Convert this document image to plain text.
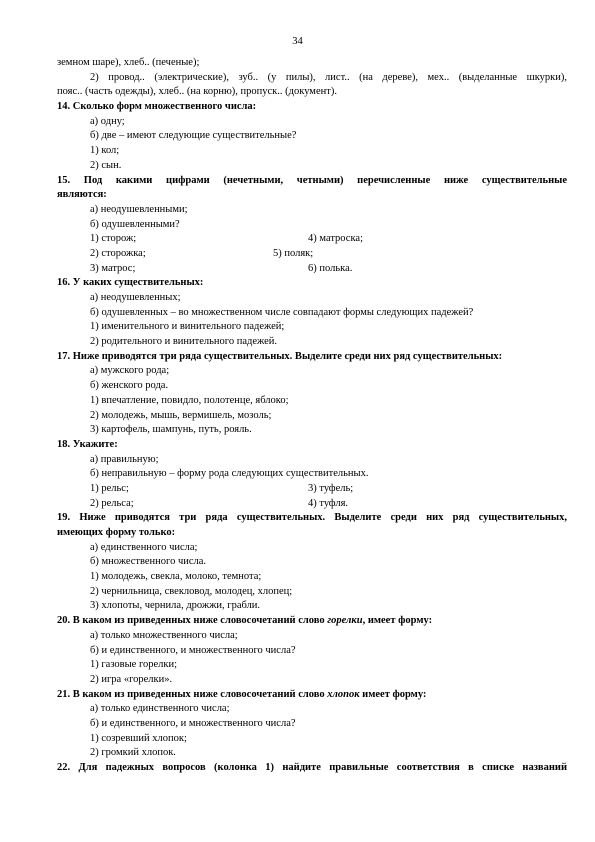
34
земном шаре), хлеб.. (печеные);
2) провод.. (электрические), зуб.. (у пилы), лист.. (на дереве), мех.. (выделанные шкурки),
пояс.. (часть одежды), хлеб.. (на корню), пропуск.. (документ).
14. Сколько форм множественного числа:
а) одну;
б) две – имеют следующие существительные?
1) кол;
2) сын.
15. Под какими цифрами (нечетными, четными) перечисленные ниже существительные
являются:
а) неодушевленными;
б) одушевленными?
1) сторож;	4) матроска;
2) сторожка;	5) поляк;
3) матрос;	6) полька.
16. У каких существительных:
а) неодушевленных;
б) одушевленных – во множественном числе совпадают формы следующих падежей?
1) именительного и винительного падежей;
2) родительного и винительного падежей.
17. Ниже приводятся три ряда существительных. Выделите среди них ряд существительных:
а) мужского рода;
б) женского рода.
1) впечатление, повидло, полотенце, яблоко;
2) молодежь, мышь, вермишель, мозоль;
3) картофель, шампунь, путь, рояль.
18. Укажите:
а) правильную;
б) неправильную – форму рода следующих существительных.
1) рельс;	3) туфель;
2) рельса;	4) туфля.
19. Ниже приводятся три ряда существительных. Выделите среди них ряд существительных,
имеющих форму только:
а) единственного числа;
б) множественного числа.
1) молодежь, свекла, молоко, темнота;
2) чернильница, свекловод, молодец, хлопец;
3) хлопоты, чернила, дрожжи, грабли.
20. В каком из приведенных ниже словосочетаний слово горелки, имеет форму:
а) только множественного числа;
б) и единственного, и множественного числа?
1) газовые горелки;
2) игра «горелки».
21. В каком из приведенных ниже словосочетаний слово хлопок имеет форму:
а) только единственного числа;
б) и единственного, и множественного числа?
1) созревший хлопок;
2) громкий хлопок.
22. Для падежных вопросов (колонка 1) найдите правильные соответствия в списке названий
